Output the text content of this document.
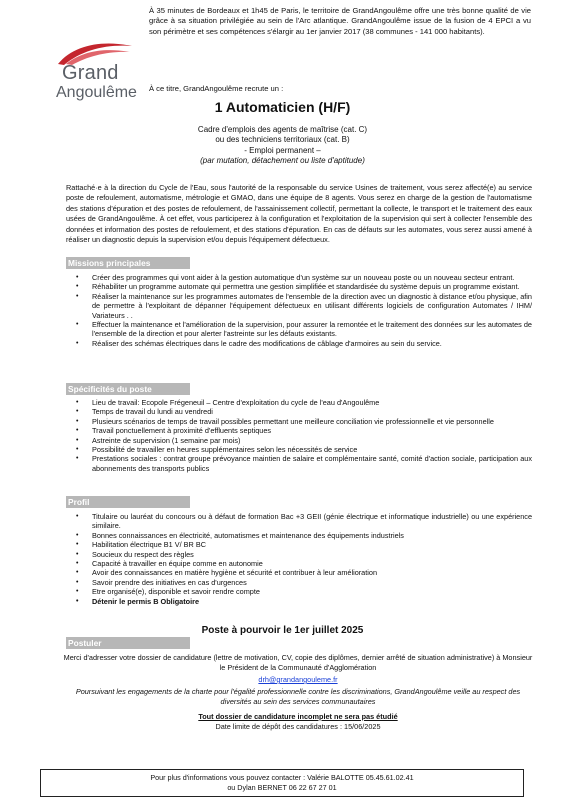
Grand
Angoulême
À 35 minutes de Bordeaux et 1h45 de Paris, le territoire de GrandAngoulême offre une très bonne qualité de vie grâce à sa situation privilégiée au sein de l'Arc atlantique. GrandAngoulême issue de la fusion de 4 EPCI a vu son périmètre et ses compétences s'élargir au 1er janvier 2017 (38 communes - 141 000 habitants).
À ce titre, GrandAngoulême recrute un :
1 Automaticien (H/F)
Cadre d'emplois des agents de maîtrise (cat. C)
ou des techniciens territoriaux (cat. B)
- Emploi permanent –
(par mutation, détachement ou liste d'aptitude)
Rattaché·e à la direction du Cycle de l'Eau, sous l'autorité de la responsable du service Usines de traitement, vous serez affecté(e) au service poste de refoulement, automatisme, métrologie et GMAO, dans une équipe de 8 agents. Vous serez en charge de la gestion de l'automatisme des stations d'épuration et des postes de refoulement, de l'assainissement collectif, permettant la collecte, le transport et le traitement des eaux usées de GrandAngoulême. À cet effet, vous participerez à la configuration et l'exploitation de la supervision qui sert à collecter l'ensemble des données et information des postes de refoulement, et des stations d'épuration. En cas de défauts sur les automates, vous serez aussi amené à réaliser un diagnostic depuis la supervision et/ou depuis l'équipement défectueux.
Missions principales
• Créer des programmes qui vont aider à la gestion automatique d'un système sur un nouveau poste ou un nouveau secteur entrant.
• Réhabiliter un programme automate qui permettra une gestion simplifiée et standardisée du système depuis un programme existant.
• Réaliser la maintenance sur les programmes automates de l'ensemble de la direction avec un diagnostic à distance et/ou physique, afin de permettre à l'exploitant de dépanner l'équipement défectueux en utilisant différents logiciels de configuration Automates / IHM/ Variateurs . .
• Effectuer la maintenance et l'amélioration de la supervision, pour assurer la remontée et le traitement des données sur les automates de l'ensemble de la direction et pour alerter l'astreinte sur les défauts existants.
• Réaliser des schémas électriques dans le cadre des modifications de câblage d'armoires au sein du service.
Spécificités du poste
• Lieu de travail: Ecopole Frégeneuil – Centre d'exploitation du cycle de l'eau d'Angoulême
• Temps de travail du lundi au vendredi
• Plusieurs scénarios de temps de travail possibles permettant une meilleure conciliation vie professionnelle et vie personnelle
• Travail ponctuellement à proximité d'effluents septiques
• Astreinte de supervision (1 semaine par mois)
• Possibilité de travailler en heures supplémentaires selon les nécessités de service
• Prestations sociales : contrat groupe prévoyance maintien de salaire et complémentaire santé, comité d'action sociale, participation aux abonnements des transports publics
Profil
• Titulaire ou lauréat du concours ou à défaut de formation Bac +3 GEII (génie électrique et informatique industrielle) ou une expérience similaire.
• Bonnes connaissances en électricité, automatismes et maintenance des équipements industriels
• Habilitation électrique B1 V/ BR BC
• Soucieux du respect des règles
• Capacité à travailler en équipe comme en autonomie
• Avoir des connaissances en matière hygiène et sécurité et contribuer à leur amélioration
• Savoir prendre des initiatives en cas d'urgences
• Etre organisé(e), disponible et savoir rendre compte
• Détenir le permis B Obligatoire
Poste à pourvoir le 1er juillet 2025
Postuler
Merci d'adresser votre dossier de candidature (lettre de motivation, CV, copie des diplômes, dernier arrêté de situation administrative) à Monsieur le Président de la Communauté d'Agglomération
drh@grandangouleme.fr
Poursuivant les engagements de la charte pour l'égalité professionnelle contre les discriminations, GrandAngoulême veille au respect des diversités au sein des services communautaires
Tout dossier de candidature incomplet ne sera pas étudié
Date limite de dépôt des candidatures : 15/06/2025
Pour plus d'informations vous pouvez contacter : Valérie BALOTTE 05.45.61.02.41
ou Dylan BERNET 06 22 67 27 01
